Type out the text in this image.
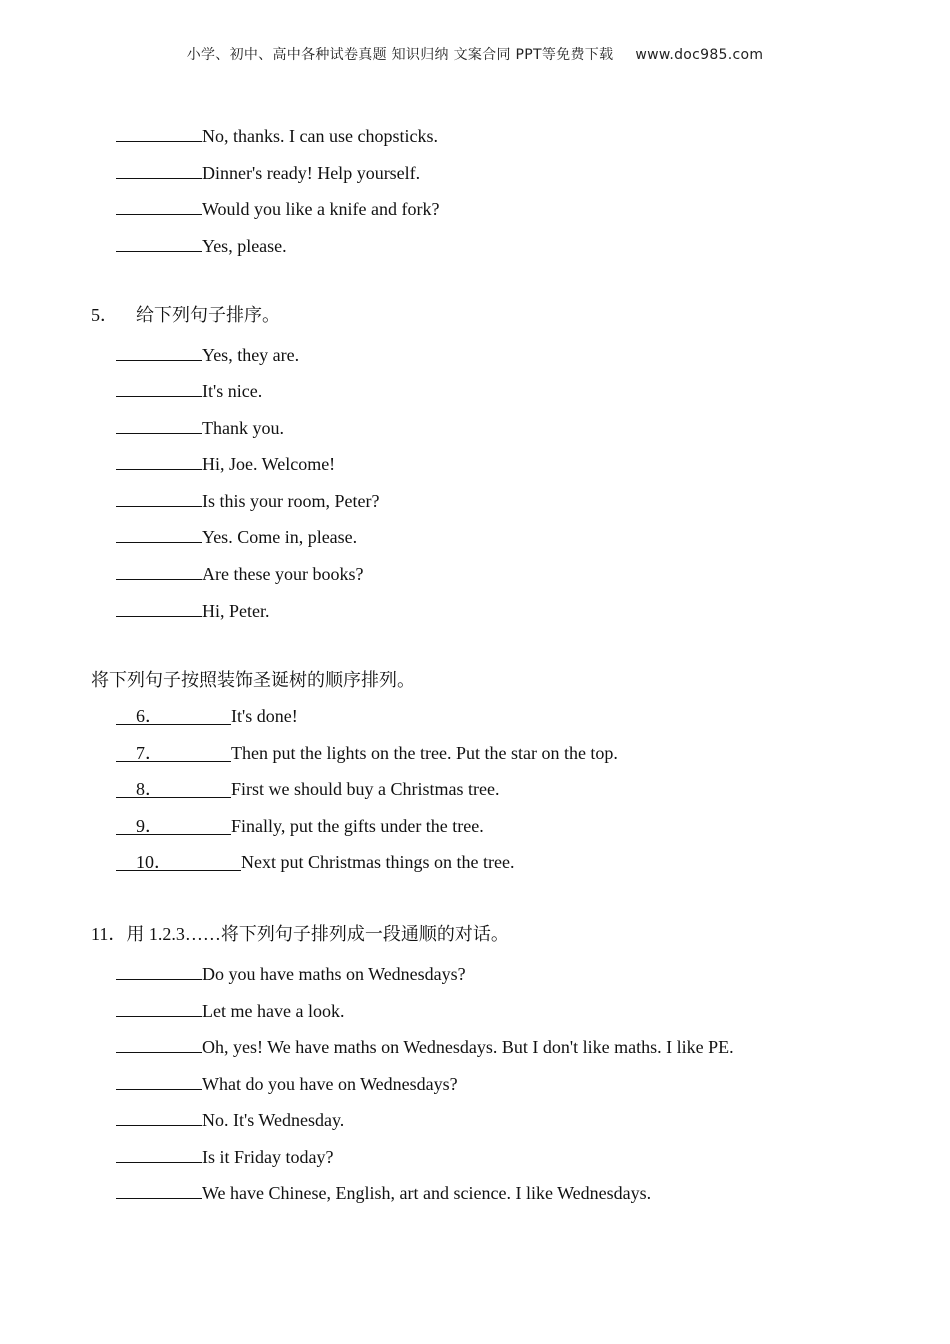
小学、初中、高中各种试卷真题 知识归纳 文案合同 PPT等免费下载 www.doc985.com
No, thanks. I can use chopsticks.
Dinner's ready! Help yourself.
Would you like a knife and fork?
Yes, please.
5． 给下列句子排序。
Yes, they are.
It's nice.
Thank you.
Hi, Joe. Welcome!
Is this your room, Peter?
Yes. Come in, please.
Are these your books?
Hi, Peter.
将下列句子按照装饰圣诞树的顺序排列。
6．	It's done!
7．	Then put the lights on the tree. Put the star on the top.
8．	First we should buy a Christmas tree.
9．	Finally, put the gifts under the tree.
10．	Next put Christmas things on the tree.
11．用 1.2.3……将下列句子排列成一段通顺的对话。
Do you have maths on Wednesdays?
Let me have a look.
Oh, yes! We have maths on Wednesdays. But I don't like maths. I like PE.
What do you have on Wednesdays?
No. It's Wednesday.
Is it Friday today?
We have Chinese, English, art and science. I like Wednesdays.
